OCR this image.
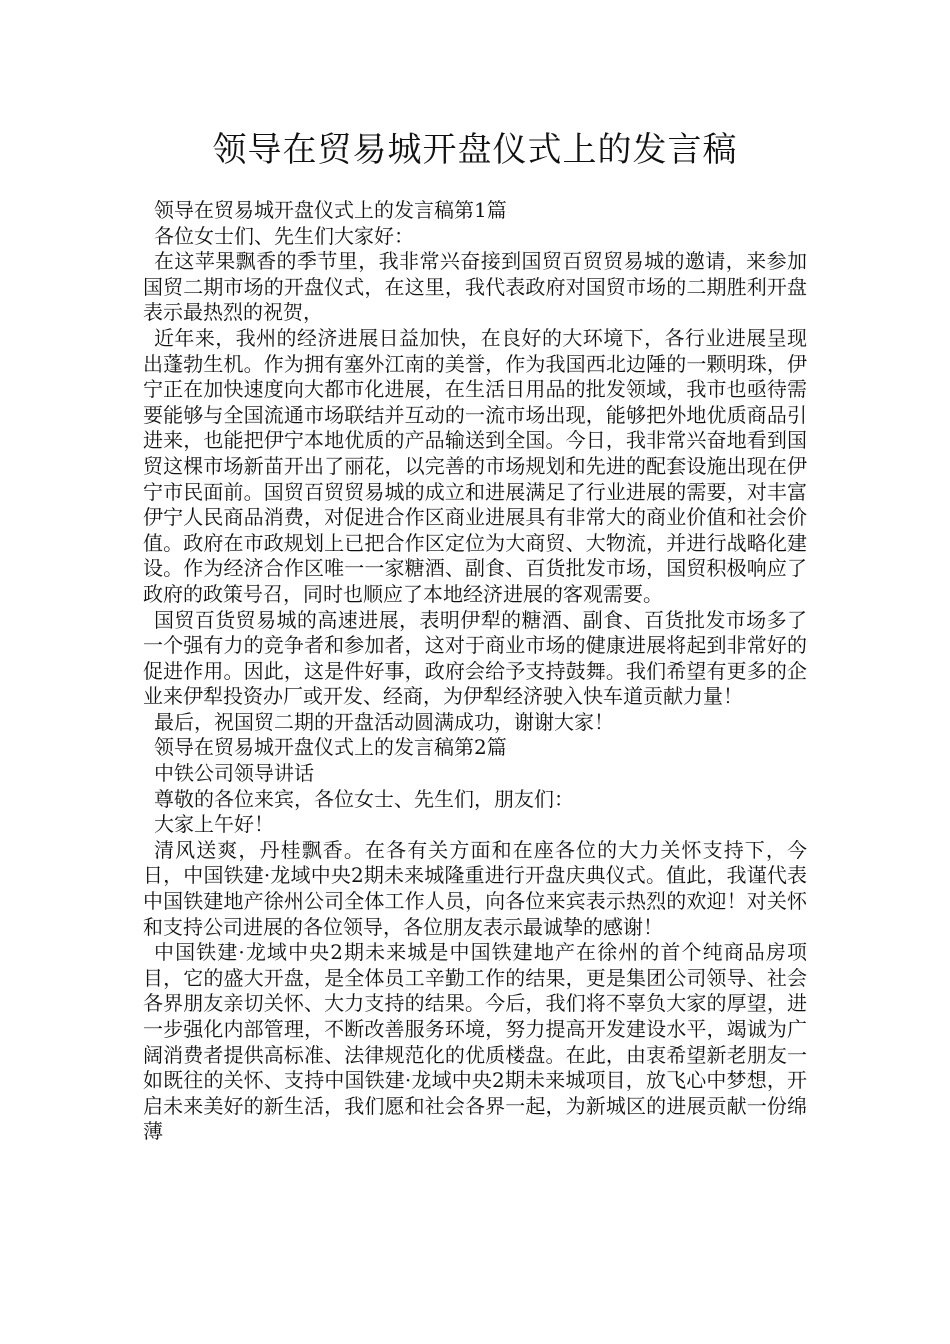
领导在贸易城开盘仪式上的发言稿

领导在贸易城开盘仪式上的发言稿第1篇

各位女士们、先生们大家好：

在这苹果飘香的季节里，我非常兴奋接到国贸百贸贸易城的邀请，来参加国贸二期市场的开盘仪式，在这里，我代表政府对国贸市场的二期胜利开盘表示最热烈的祝贺，

近年来，我州的经济进展日益加快，在良好的大环境下，各行业进展呈现出蓬勃生机。作为拥有塞外江南的美誉，作为我国西北边陲的一颗明珠，伊宁正在加快速度向大都市化进展，在生活日用品的批发领域，我市也亟待需要能够与全国流通市场联结并互动的一流市场出现，能够把外地优质商品引进来，也能把伊宁本地优质的产品输送到全国。今日，我非常兴奋地看到国贸这棵市场新苗开出了丽花，以完善的市场规划和先进的配套设施出现在伊宁市民面前。国贸百贸贸易城的成立和进展满足了行业进展的需要，对丰富伊宁人民商品消费，对促进合作区商业进展具有非常大的商业价值和社会价值。政府在市政规划上已把合作区定位为大商贸、大物流，并进行战略化建设。作为经济合作区唯一一家糖酒、副食、百货批发市场，国贸积极响应了政府的政策号召，同时也顺应了本地经济进展的客观需要。

国贸百货贸易城的高速进展，表明伊犁的糖酒、副食、百货批发市场多了一个强有力的竞争者和参加者，这对于商业市场的健康进展将起到非常好的促进作用。因此，这是件好事，政府会给予支持鼓舞。我们希望有更多的企业来伊犁投资办厂或开发、经商，为伊犁经济驶入快车道贡献力量！

最后，祝国贸二期的开盘活动圆满成功，谢谢大家！

领导在贸易城开盘仪式上的发言稿第2篇

中铁公司领导讲话

尊敬的各位来宾，各位女士、先生们，朋友们：

大家上午好！

清风送爽，丹桂飘香。在各有关方面和在座各位的大力关怀支持下，今日，中国铁建·龙域中央2期未来城隆重进行开盘庆典仪式。值此，我谨代表中国铁建地产徐州公司全体工作人员，向各位来宾表示热烈的欢迎！对关怀和支持公司进展的各位领导，各位朋友表示最诚挚的感谢！

中国铁建·龙域中央2期未来城是中国铁建地产在徐州的首个纯商品房项目，它的盛大开盘，是全体员工辛勤工作的结果，更是集团公司领导、社会各界朋友亲切关怀、大力支持的结果。今后，我们将不辜负大家的厚望，进一步强化内部管理，不断改善服务环境，努力提高开发建设水平，竭诚为广阔消费者提供高标准、法律规范化的优质楼盘。在此，由衷希望新老朋友一如既往的关怀、支持中国铁建·龙域中央2期未来城项目，放飞心中梦想，开启未来美好的新生活，我们愿和社会各界一起，为新城区的进展贡献一份绵薄
